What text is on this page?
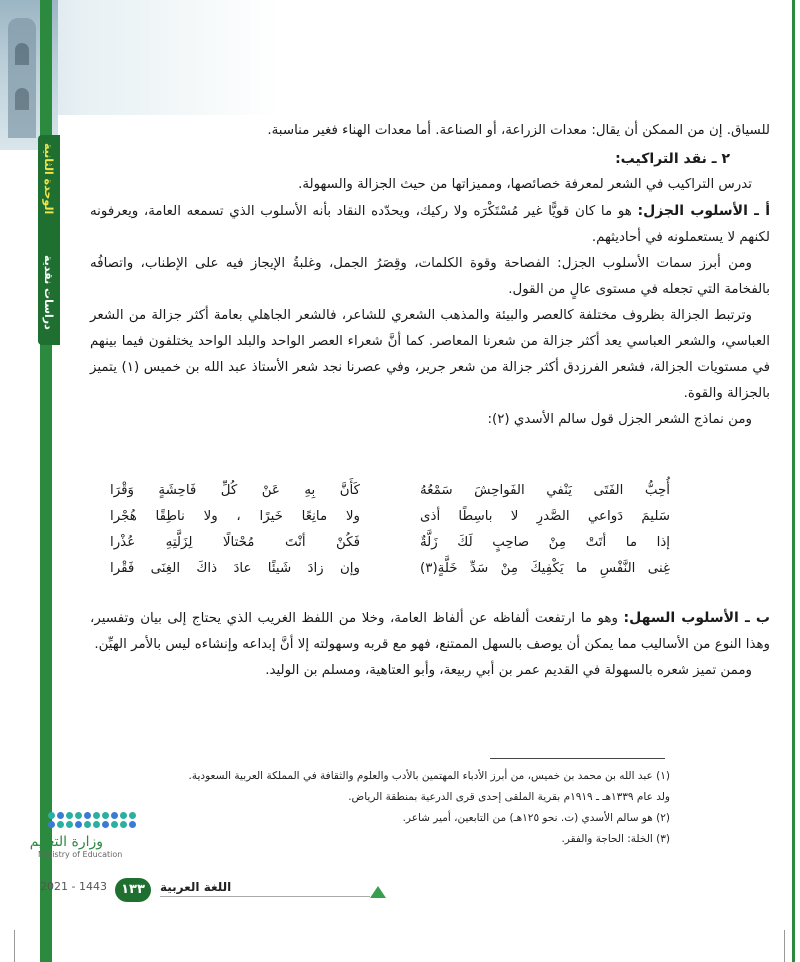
الوحدة الثانية
دراسات نقدية

للسياق. إن من الممكن أن يقال: معدات الزراعة، أو الصناعة. أما معدات الهناء فغير مناسبة.

٢ ـ نقد التراكيب:

تدرس التراكيب في الشعر لمعرفة خصائصها، ومميزاتها من حيث الجزالة والسهولة.

أ ـ الأسلوب الجزل: هو ما كان قويًّا غير مُسْتَكْرَه ولا ركيك، ويحدّده النقاد بأنه الأسلوب الذي تسمعه العامة، ويعرفونه لكنهم لا يستعملونه في أحاديثهم.

ومن أبرز سمات الأسلوب الجزل: الفصاحة وقوة الكلمات، وقِصَرُ الجمل، وغلبةُ الإيجاز فيه على الإطناب، واتصافُه بالفخامة التي تجعله في مستوى عالٍ من القول.

وترتبط الجزالة بظروف مختلفة كالعصر والبيئة والمذهب الشعري للشاعر، فالشعر الجاهلي بعامة أكثر جزالة من الشعر العباسي، والشعر العباسي يعد أكثر جزالة من شعرنا المعاصر. كما أنَّ شعراء العصر الواحد والبلد الواحد يختلفون فيما بينهم في مستويات الجزالة، فشعر الفرزدق أكثر جزالة من شعر جرير، وفي عصرنا نجد شعر الأستاذ عبد الله بن خميس (١) يتميز بالجزالة والقوة.

ومن نماذج الشعر الجزل قول سالم الأسدي (٢):

أُحِبُّ الفَتَى يَنْفي الفَواحِشَ سَمْعُهُ
كَأَنَّ بِهِ عَنْ كُلِّ فَاحِشَةٍ وَقْرَا
سَليمَ دَواعي الصَّدرِ لا باسِطًا أذى
ولا مانِعًا خَيرًا ، ولا ناطِقًا هُجْرا
إذا ما أتَتْ مِنْ صاحِبٍ لَكَ زَلَّةٌ
فَكُنْ أنْتَ مُحْتالًا لِزَلَّتِهِ عُذْرا
غِنى النَّفْسِ ما يَكْفِيكَ مِنْ سَدِّ خَلَّةٍ(٣)
وإن زادَ شَيئًا عادَ ذاكَ الغِنَى فَقْرا

ب ـ الأسلوب السهل: وهو ما ارتفعت ألفاظه عن ألفاظ العامة، وخلا من اللفظ الغريب الذي يحتاج إلى بيان وتفسير، وهذا النوع من الأساليب مما يمكن أن يوصف بالسهل الممتنع، فهو مع قربه وسهولته إلا أنَّ إبداعه وإنشاءه ليس بالأمر الهيِّن.

وممن تميز شعره بالسهولة في القديم عمر بن أبي ربيعة، وأبو العتاهية، ومسلم بن الوليد.

(١) عبد الله بن محمد بن خميس، من أبرز الأدباء المهتمين بالأدب والعلوم والثقافة في المملكة العربية السعودية.

ولد عام ١٣٣٩هـ ـ ١٩١٩م بقرية الملقى إحدى قرى الدرعية بمنطقة الرياض.

(٢) هو سالم الأسدي (ت. نحو ١٢٥هـ) من التابعين، أمير شاعر.

(٣) الخلة: الحاجة والفقر.

وزارة التعليم
Ministry of Education
2021 - 1443	١٣٣	اللغة العربية
